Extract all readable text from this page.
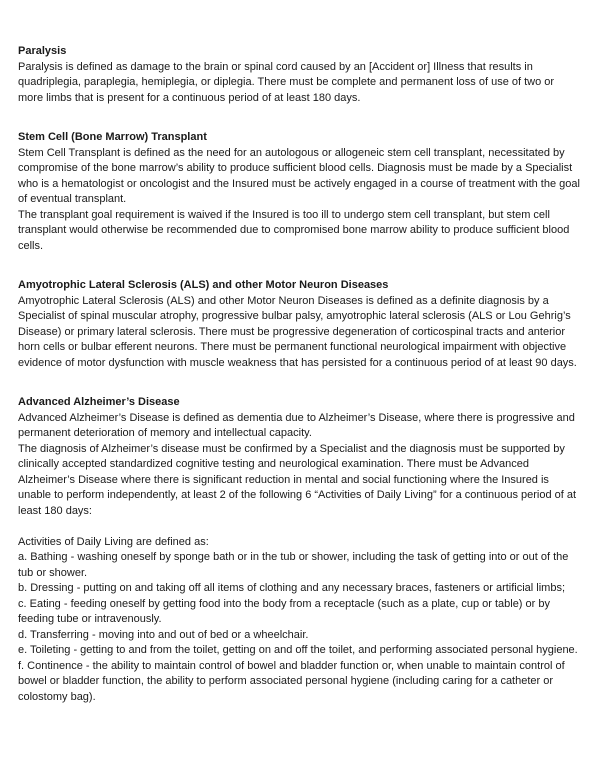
Paralysis

Paralysis is defined as damage to the brain or spinal cord caused by an [Accident or] Illness that results in quadriplegia, paraplegia, hemiplegia, or diplegia. There must be complete and permanent loss of use of two or more limbs that is present for a continuous period of at least 180 days.

Stem Cell (Bone Marrow) Transplant

Stem Cell Transplant is defined as the need for an autologous or allogeneic stem cell transplant, necessitated by compromise of the bone marrow’s ability to produce sufficient blood cells. Diagnosis must be made by a Specialist who is a hematologist or oncologist and the Insured must be actively engaged in a course of treatment with the goal of eventual transplant.

The transplant goal requirement is waived if the Insured is too ill to undergo stem cell transplant, but stem cell transplant would otherwise be recommended due to compromised bone marrow ability to produce sufficient blood cells.

Amyotrophic Lateral Sclerosis (ALS) and other Motor Neuron Diseases

Amyotrophic Lateral Sclerosis (ALS) and other Motor Neuron Diseases is defined as a definite diagnosis by a Specialist of spinal muscular atrophy, progressive bulbar palsy, amyotrophic lateral sclerosis (ALS or Lou Gehrig’s Disease) or primary lateral sclerosis. There must be progressive degeneration of corticospinal tracts and anterior horn cells or bulbar efferent neurons. There must be permanent functional neurological impairment with objective evidence of motor dysfunction with muscle weakness that has persisted for a continuous period of at least 90 days.

Advanced Alzheimer’s Disease

Advanced Alzheimer’s Disease is defined as dementia due to Alzheimer’s Disease, where there is progressive and permanent deterioration of memory and intellectual capacity.

The diagnosis of Alzheimer’s disease must be confirmed by a Specialist and the diagnosis must be supported by clinically accepted standardized cognitive testing and neurological examination. There must be Advanced Alzheimer’s Disease where there is significant reduction in mental and social functioning where the Insured is unable to perform independently, at least 2 of the following 6 “Activities of Daily Living” for a continuous period of at least 180 days:

Activities of Daily Living are defined as:

a. Bathing - washing oneself by sponge bath or in the tub or shower, including the task of getting into or out of the tub or shower.

b. Dressing - putting on and taking off all items of clothing and any necessary braces, fasteners or artificial limbs;

c. Eating - feeding oneself by getting food into the body from a receptacle (such as a plate, cup or table) or by feeding tube or intravenously.

d. Transferring - moving into and out of bed or a wheelchair.

e. Toileting - getting to and from the toilet, getting on and off the toilet, and performing associated personal hygiene.

f. Continence - the ability to maintain control of bowel and bladder function or, when unable to maintain control of bowel or bladder function, the ability to perform associated personal hygiene (including caring for a catheter or colostomy bag).
